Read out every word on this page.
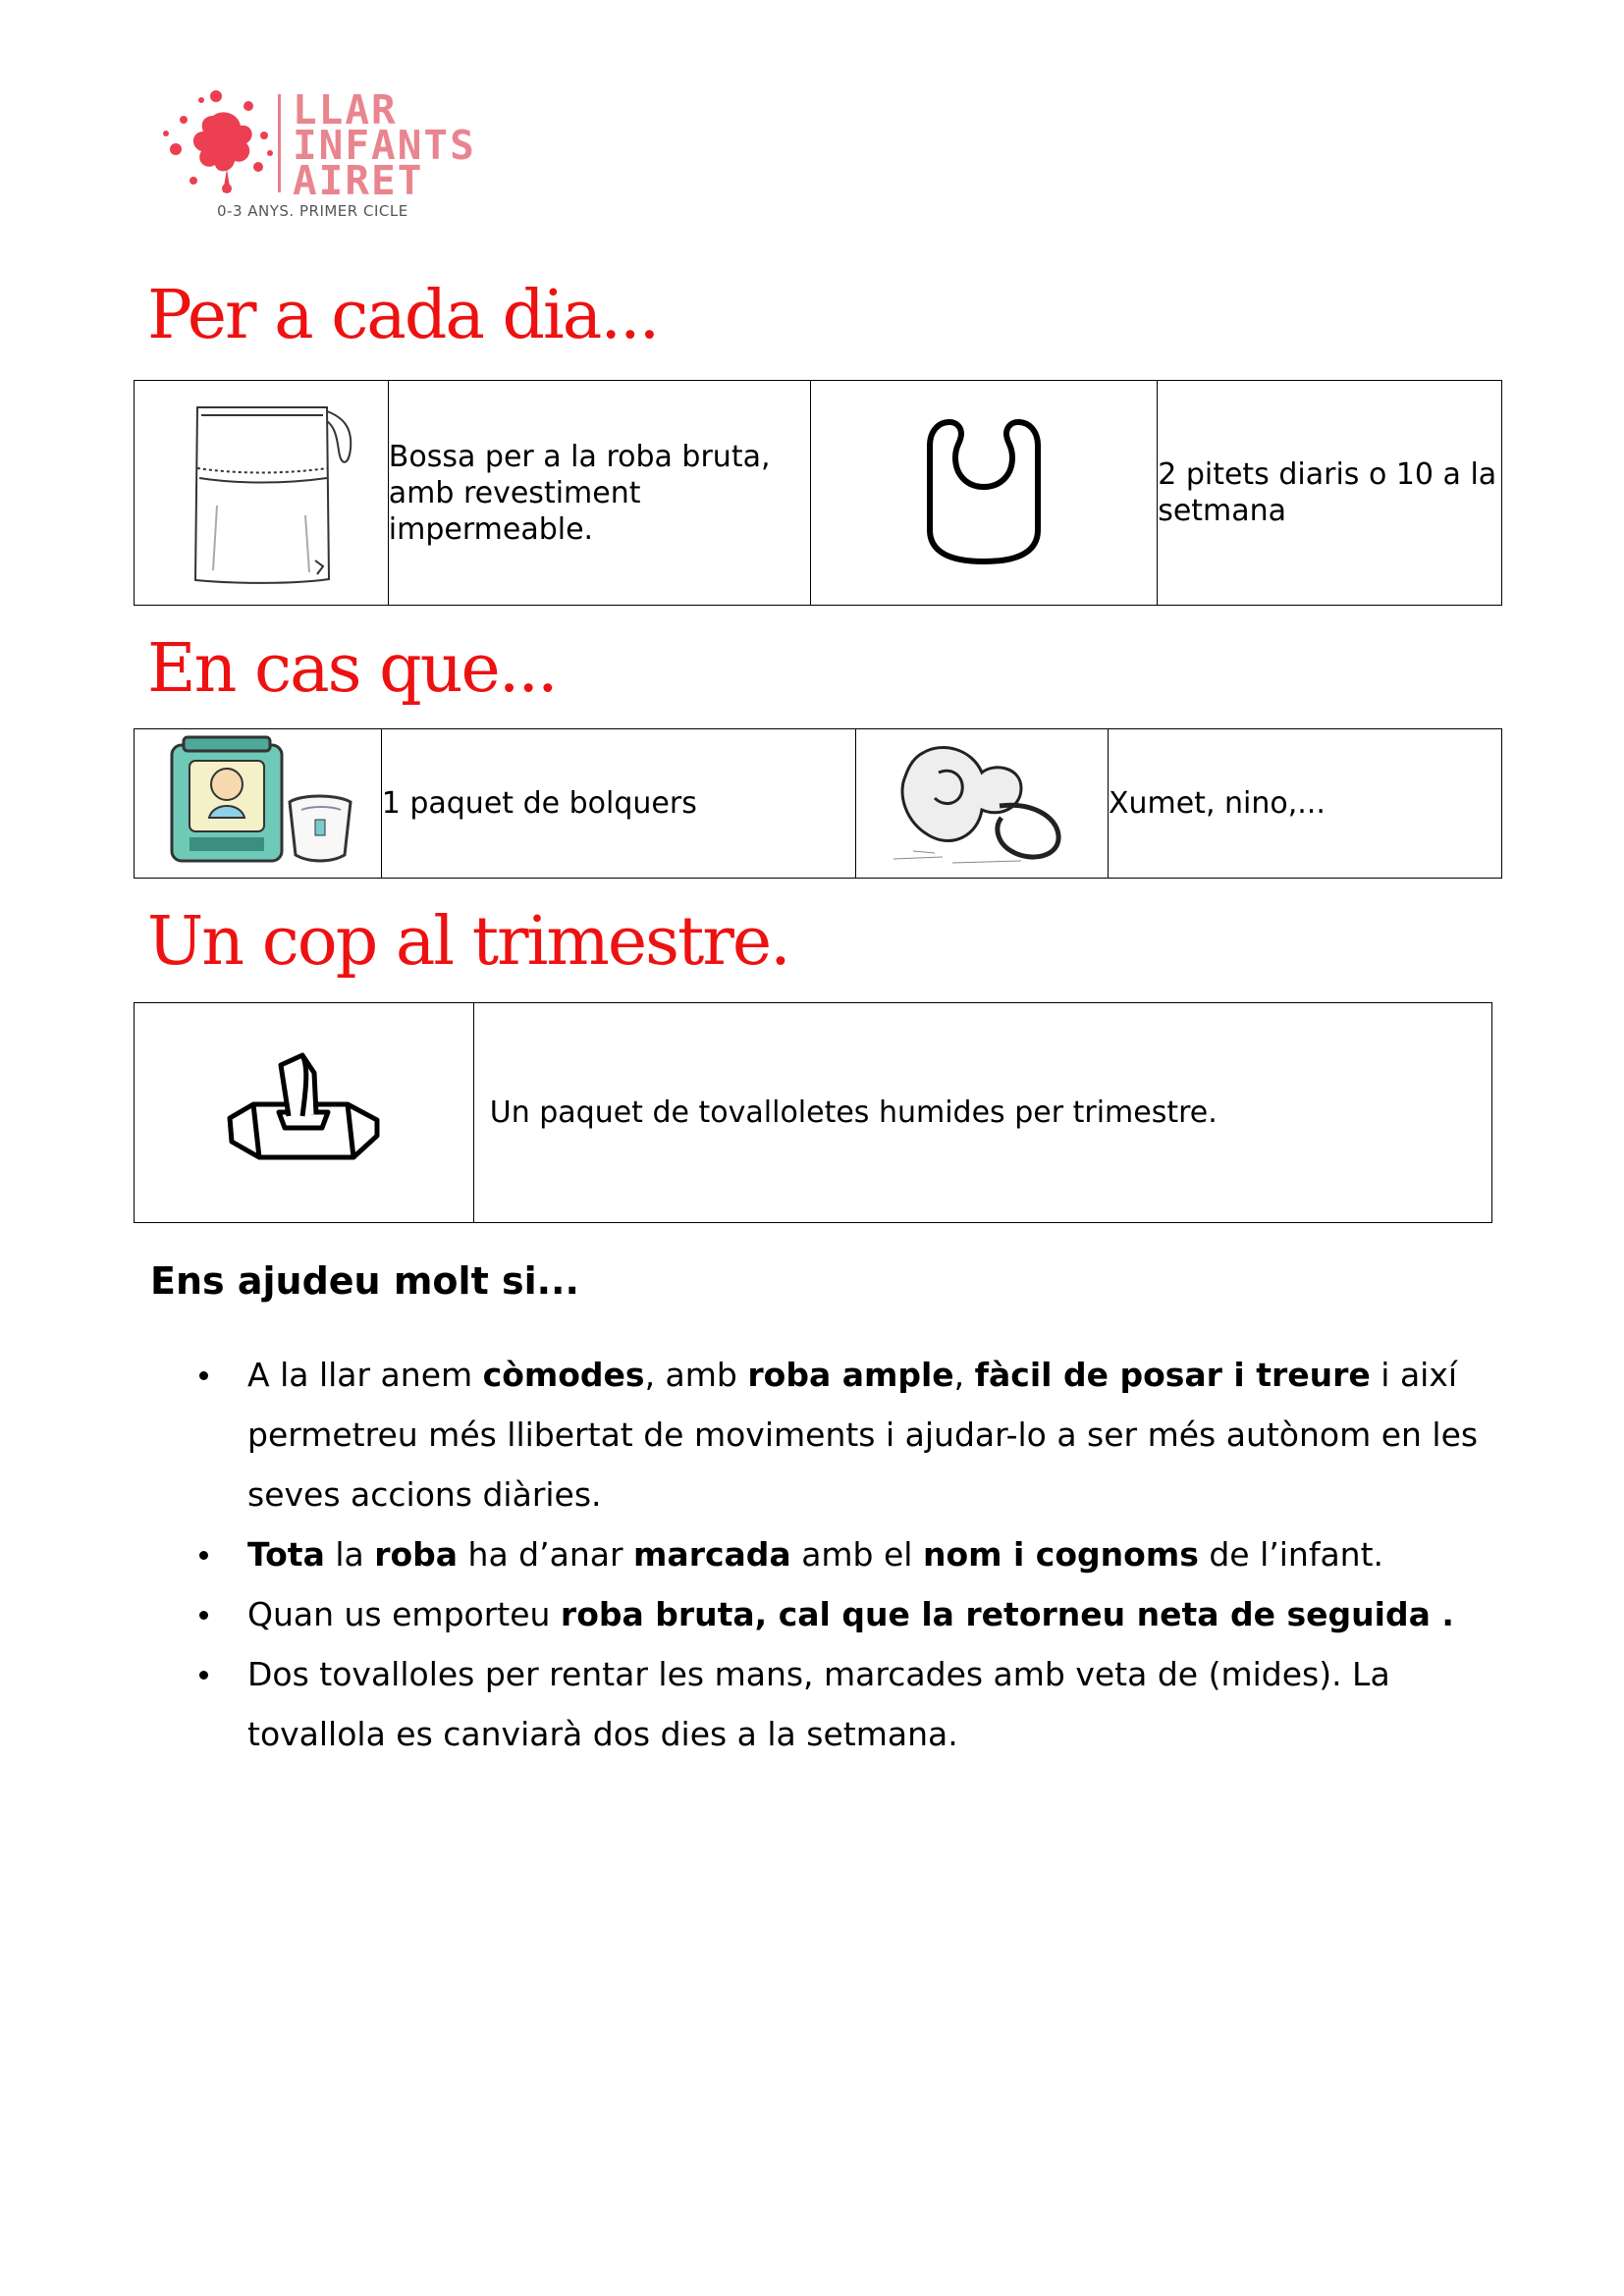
LLAR
INFANTS
AIRET
0-3 ANYS. PRIMER CICLE
Per a cada dia...
	Bossa per a la roba bruta, amb revestiment impermeable.		2 pitets diaris o 10 a la setmana
En cas que...
	1 paquet de bolquers		Xumet, nino,...
Un cop al trimestre.
	Un paquet de tovalloletes humides per trimestre.
Ens ajudeu molt si...
A la llar anem còmodes, amb roba ample, fàcil de posar i treure i així permetreu més llibertat de moviments i ajudar-lo a ser més autònom en les seves accions diàries.
Tota la roba ha d’anar marcada amb el nom i cognoms de l’infant.
Quan us emporteu roba bruta, cal que la retorneu neta de seguida .
Dos tovalloles per rentar les mans, marcades amb veta de (mides). La tovallola es canviarà dos dies a la setmana.
